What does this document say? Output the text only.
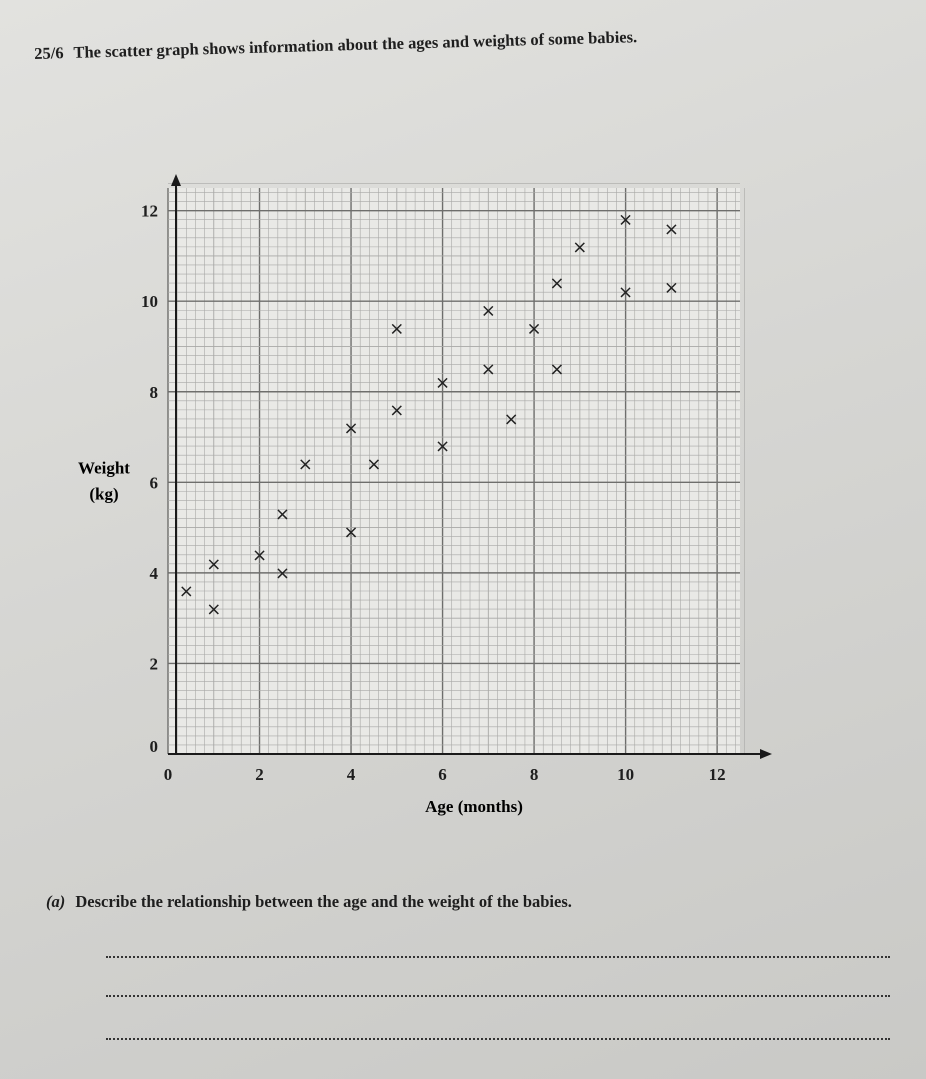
25/6 The scatter graph shows information about the ages and weights of some babies.
0	2	4	6	8	10	12
0
2
4
6
8
10
12
Age (months)
Weight
(kg)
×
×
× ×
×
×
×
×
×
×
×
×
×
×
×
×
×
×
×
×
×
×
×
×
×
(a) Describe the relationship between the age and the weight of the babies.
